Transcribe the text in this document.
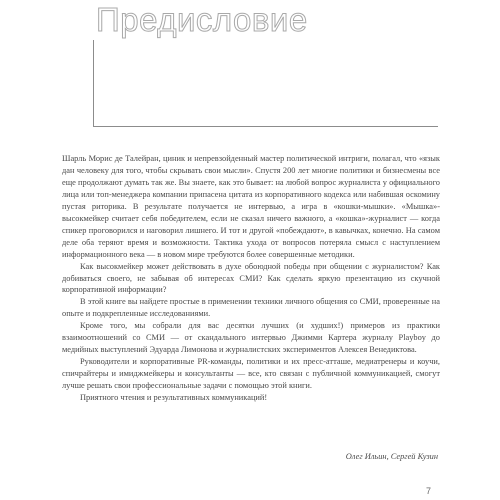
Предисловие

Шарль Морис де Талейран, циник и непревзойденный мастер политической интриги, полагал, что «язык дан человеку для того, чтобы скрывать свои мысли». Спустя 200 лет многие политики и бизнесмены все еще продолжают думать так же. Вы знаете, как это бывает: на любой вопрос журналиста у официального лица или топ-менеджера компании припасена цитата из корпоративного кодекса или набившая оскомину пустая риторика. В результате получается не интервью, а игра в «кошки-мышки». «Мышка»-высокмейкер считает себя победителем, если не сказал ничего важного, а «кошка»-журналист — когда спикер проговорился и наговорил лишнего. И тот и другой «побеждают», в кавычках, конечно. На самом деле оба теряют время и возможности. Тактика ухода от вопросов потеряла смысл с наступлением информационного века — в новом мире требуются более совершенные методики.

Как высокмейкер может действовать в духе обоюдной победы при общении с журналистом? Как добиваться своего, не забывая об интересах СМИ? Как сделать яркую презентацию из скучной корпоративной информации?

В этой книге вы найдете простые в применении техники личного общения со СМИ, проверенные на опыте и подкрепленные исследованиями.

Кроме того, мы собрали для вас десятки лучших (и худших!) примеров из практики взаимоотношений со СМИ — от скандального интервью Джимми Картера журналу Playboy до медийных выступлений Эдуарда Лимонова и журналистских экспериментов Алексея Венедиктова.

Руководители и корпоративные PR-команды, политики и их пресс-атташе, медиатренеры и коучи, спичрайтеры и имиджмейкеры и консультанты — все, кто связан с публичной коммуникацией, смогут лучше решать свои профессиональные задачи с помощью этой книги.

Приятного чтения и результативных коммуникаций!

Олег Ильин, Сергей Кузин
7
